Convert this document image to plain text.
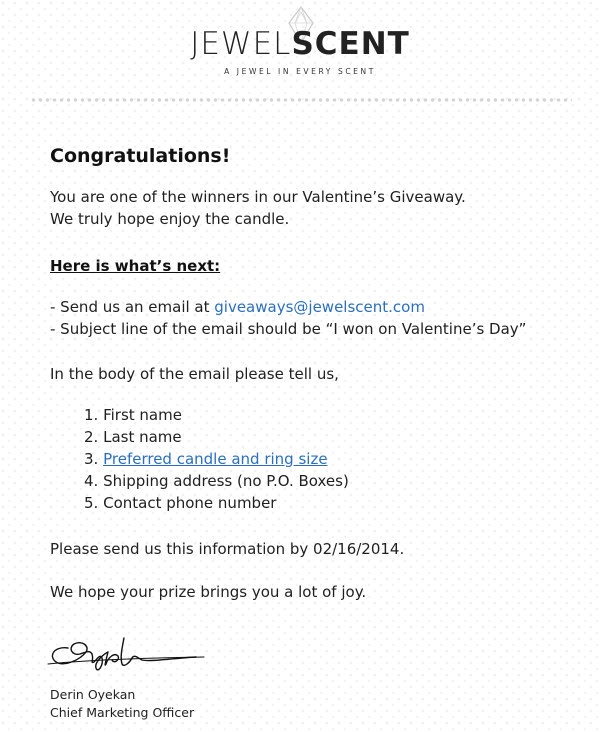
JEWELSCENT
A JEWEL IN EVERY SCENT
Congratulations!
You are one of the winners in our Valentine’s Giveaway.
We truly hope enjoy the candle.
Here is what’s next:
- Send us an email at giveaways@jewelscent.com
- Subject line of the email should be “I won on Valentine’s Day”
In the body of the email please tell us,
1. First name
2. Last name
3. Preferred candle and ring size
4. Shipping address (no P.O. Boxes)
5. Contact phone number
Please send us this information by 02/16/2014.
We hope your prize brings you a lot of joy.
Derin Oyekan
Chief Marketing Officer
